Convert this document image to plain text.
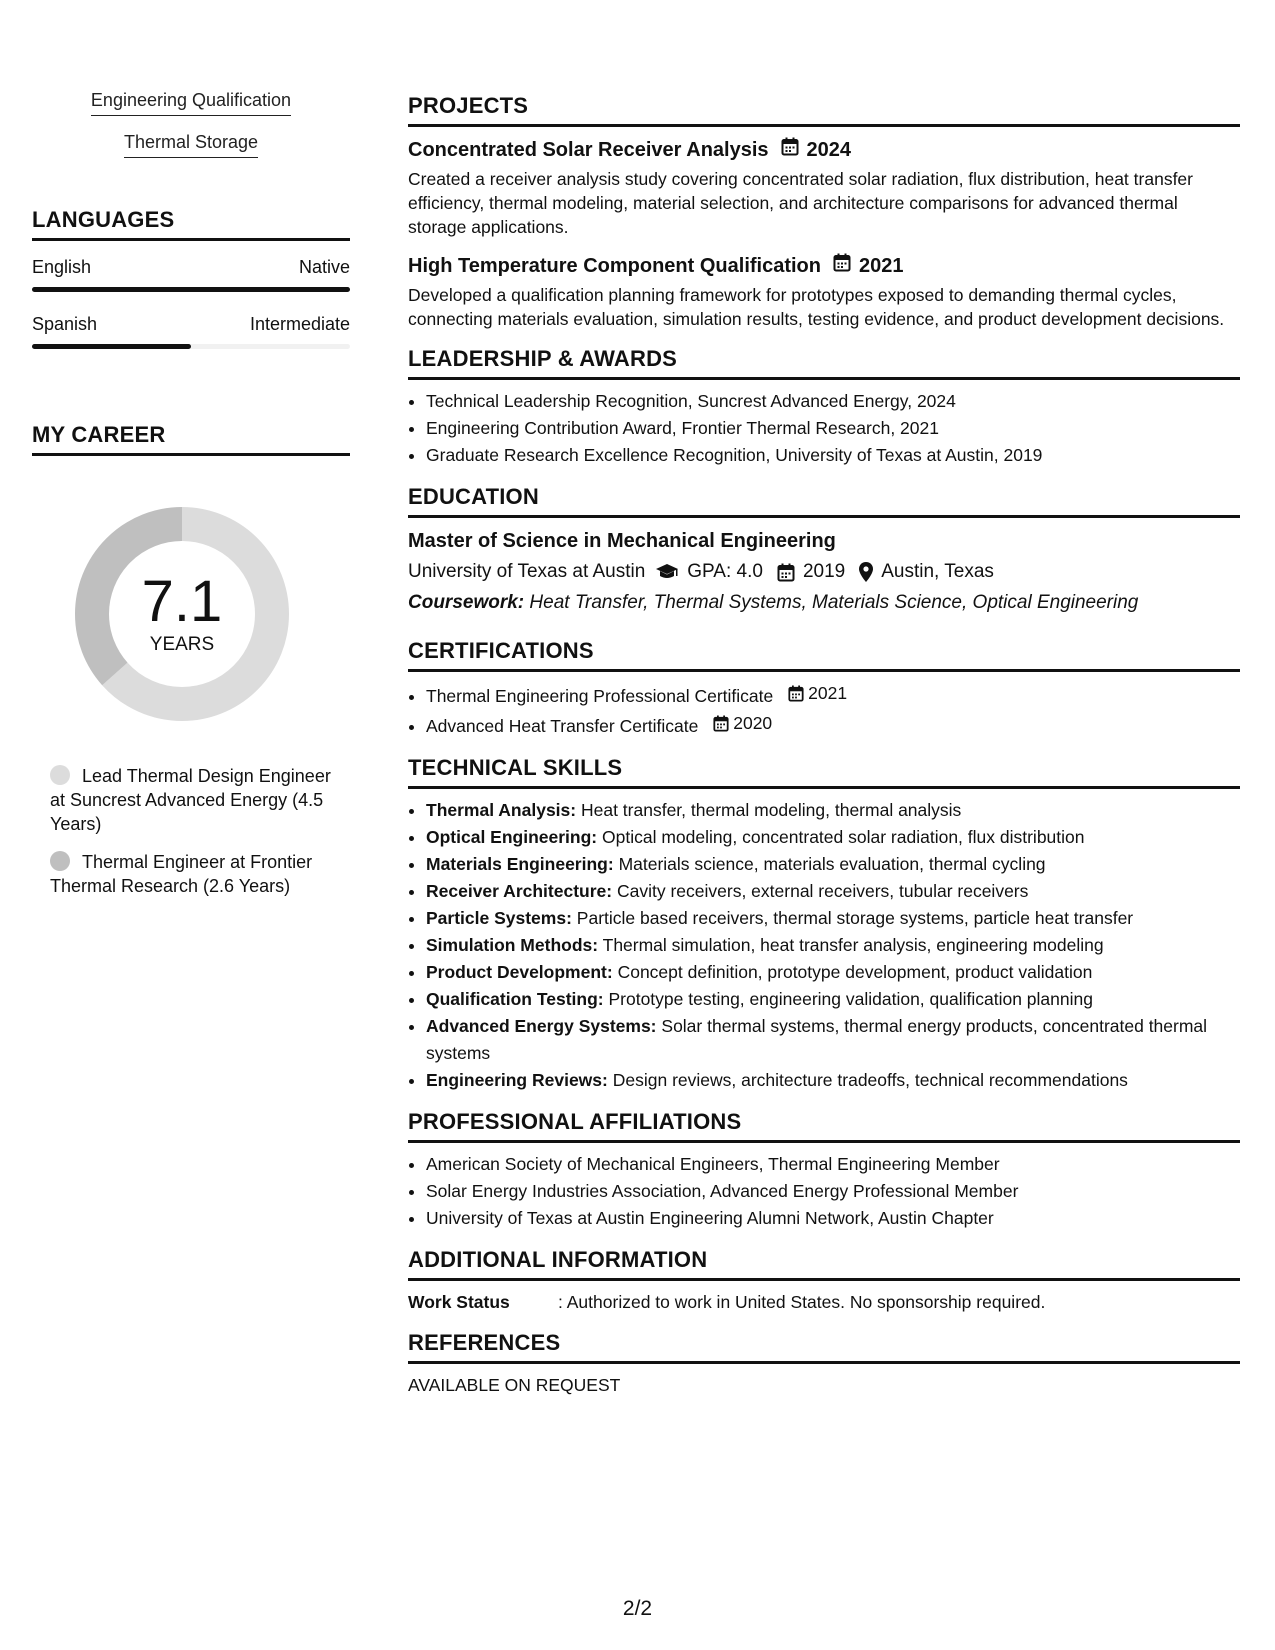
Engineering Qualification
Thermal Storage
LANGUAGES
English	Native
Spanish	Intermediate
MY CAREER
7.1
YEARS
Lead Thermal Design Engineer at Suncrest Advanced Energy (4.5 Years)
Thermal Engineer at Frontier Thermal Research (2.6 Years)
PROJECTS
Concentrated Solar Receiver Analysis 2024
Created a receiver analysis study covering concentrated solar radiation, flux distribution, heat transfer efficiency, thermal modeling, material selection, and architecture comparisons for advanced thermal storage applications.
High Temperature Component Qualification 2021
Developed a qualification planning framework for prototypes exposed to demanding thermal cycles, connecting materials evaluation, simulation results, testing evidence, and product development decisions.
LEADERSHIP & AWARDS
• Technical Leadership Recognition, Suncrest Advanced Energy, 2024
• Engineering Contribution Award, Frontier Thermal Research, 2021
• Graduate Research Excellence Recognition, University of Texas at Austin, 2019
EDUCATION
Master of Science in Mechanical Engineering
University of Texas at Austin GPA: 4.0 2019 Austin, Texas
Coursework: Heat Transfer, Thermal Systems, Materials Science, Optical Engineering
CERTIFICATIONS
• Thermal Engineering Professional Certificate 2021
• Advanced Heat Transfer Certificate 2020
TECHNICAL SKILLS
• Thermal Analysis: Heat transfer, thermal modeling, thermal analysis
• Optical Engineering: Optical modeling, concentrated solar radiation, flux distribution
• Materials Engineering: Materials science, materials evaluation, thermal cycling
• Receiver Architecture: Cavity receivers, external receivers, tubular receivers
• Particle Systems: Particle based receivers, thermal storage systems, particle heat transfer
• Simulation Methods: Thermal simulation, heat transfer analysis, engineering modeling
• Product Development: Concept definition, prototype development, product validation
• Qualification Testing: Prototype testing, engineering validation, qualification planning
• Advanced Energy Systems: Solar thermal systems, thermal energy products, concentrated thermal systems
• Engineering Reviews: Design reviews, architecture tradeoffs, technical recommendations
PROFESSIONAL AFFILIATIONS
• American Society of Mechanical Engineers, Thermal Engineering Member
• Solar Energy Industries Association, Advanced Energy Professional Member
• University of Texas at Austin Engineering Alumni Network, Austin Chapter
ADDITIONAL INFORMATION
Work Status	: Authorized to work in United States. No sponsorship required.
REFERENCES
AVAILABLE ON REQUEST
2/2
